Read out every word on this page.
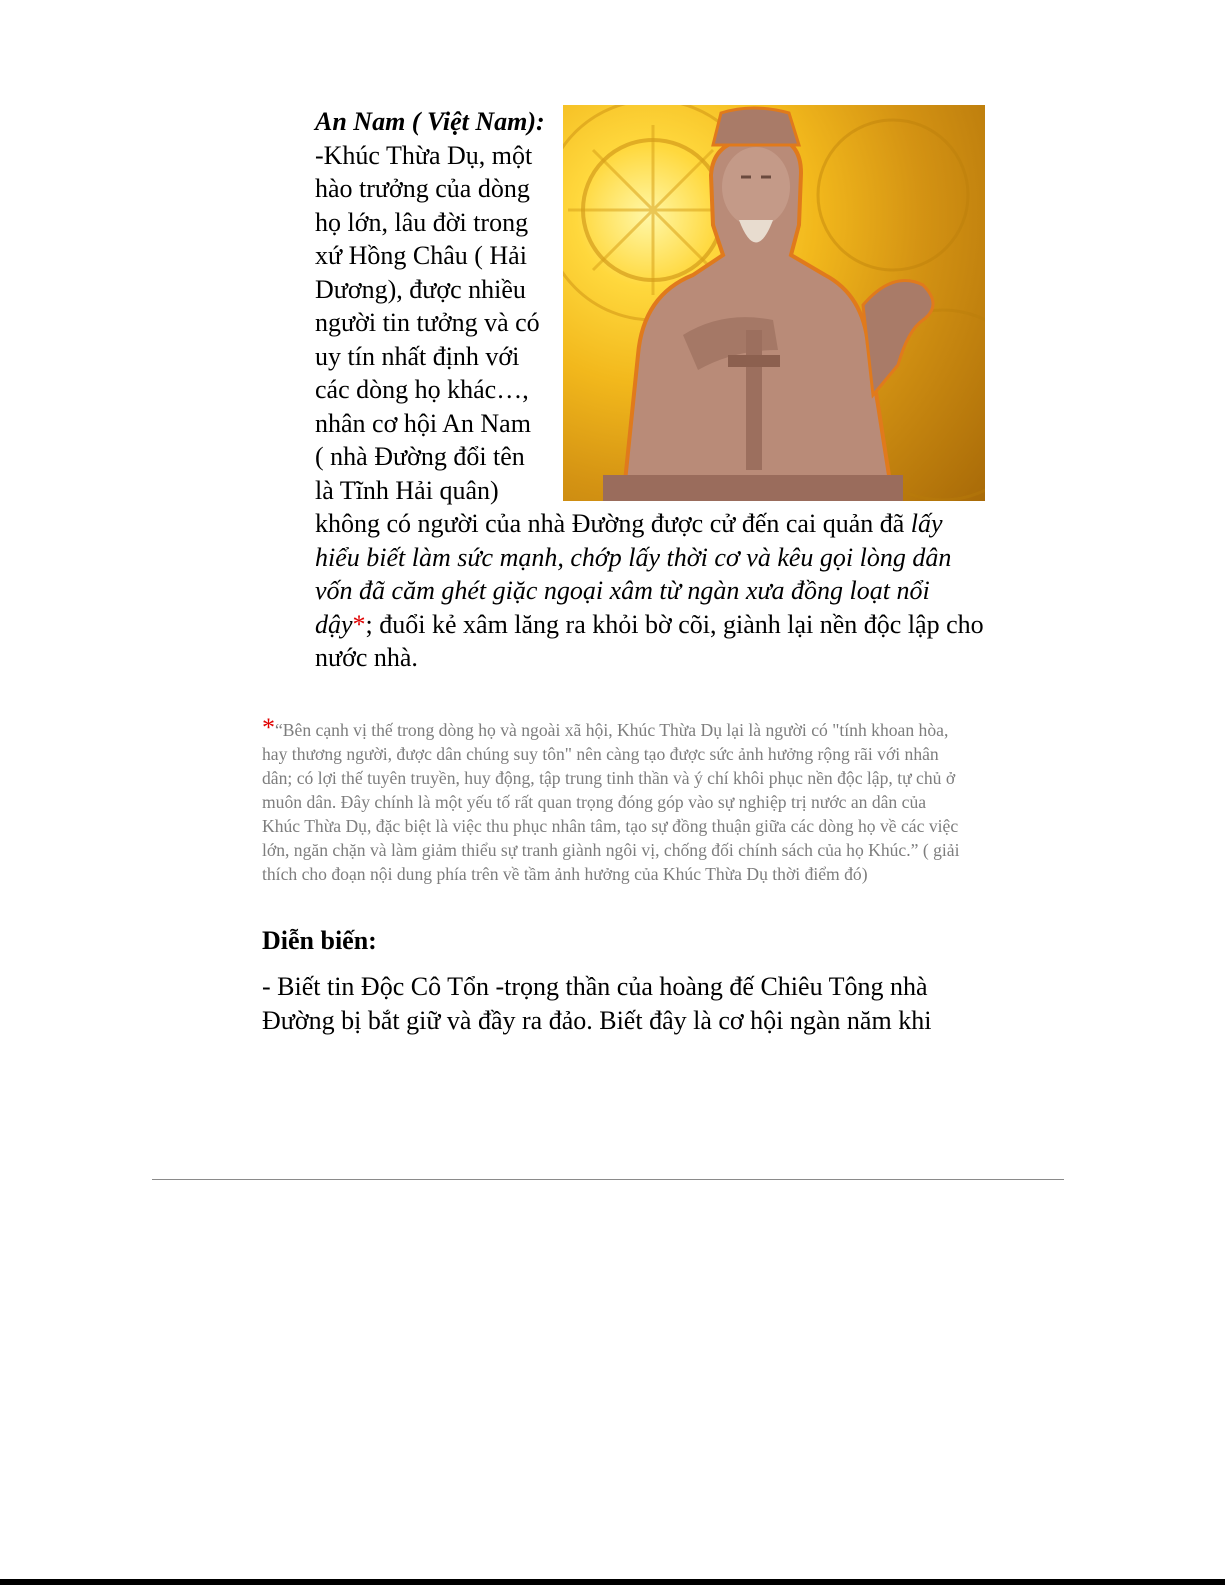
An Nam ( Việt Nam): -Khúc Thừa Dụ, một hào trưởng của dòng họ lớn, lâu đời trong xứ Hồng Châu ( Hải Dương), được nhiều người tin tưởng và có uy tín nhất định với các dòng họ khác…, nhân cơ hội An Nam ( nhà Đường đổi tên là Tĩnh Hải quân) không có người của nhà Đường được cử đến cai quản đã lấy hiểu biết làm sức mạnh, chớp lấy thời cơ và kêu gọi lòng dân vốn đã căm ghét giặc ngoại xâm từ ngàn xưa đồng loạt nổi dậy*; đuổi kẻ xâm lăng ra khỏi bờ cõi, giành lại nền độc lập cho nước nhà.

*“Bên cạnh vị thế trong dòng họ và ngoài xã hội, Khúc Thừa Dụ lại là người có "tính khoan hòa, hay thương người, được dân chúng suy tôn" nên càng tạo được sức ảnh hưởng rộng rãi với nhân dân; có lợi thế tuyên truyền, huy động, tập trung tinh thần và ý chí khôi phục nền độc lập, tự chủ ở muôn dân. Đây chính là một yếu tố rất quan trọng đóng góp vào sự nghiệp trị nước an dân của Khúc Thừa Dụ, đặc biệt là việc thu phục nhân tâm, tạo sự đồng thuận giữa các dòng họ về các việc lớn, ngăn chặn và làm giảm thiểu sự tranh giành ngôi vị, chống đối chính sách của họ Khúc.” ( giải thích cho đoạn nội dung phía trên về tầm ảnh hưởng của Khúc Thừa Dụ thời điểm đó)

Diễn biến:

- Biết tin Độc Cô Tổn -trọng thần của hoàng đế Chiêu Tông nhà Đường bị bắt giữ và đầy ra đảo. Biết đây là cơ hội ngàn năm khi
